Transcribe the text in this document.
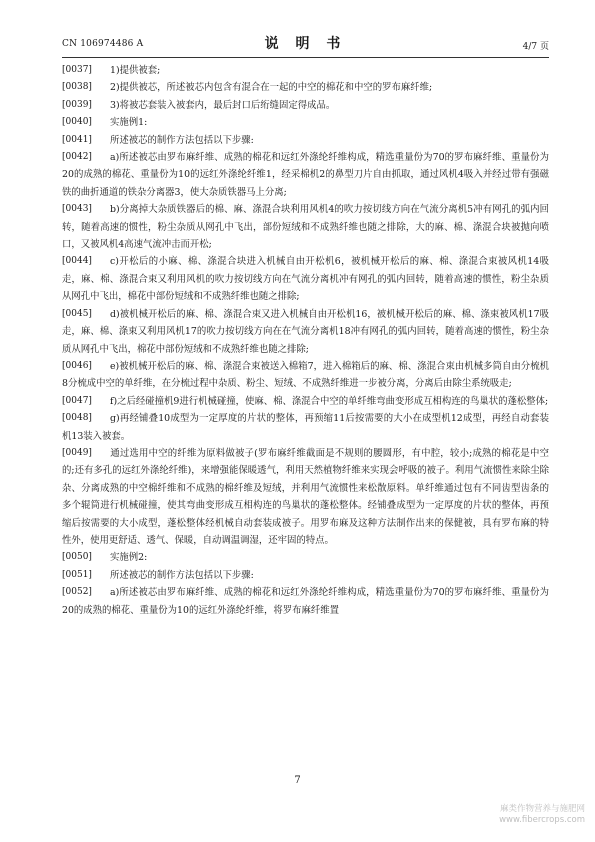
CN 106974486 A	说 明 书	4/7 页
[0037]	1)提供被套;
[0038]	2)提供被芯，所述被芯内包含有混合在一起的中空的棉花和中空的罗布麻纤维;
[0039]	3)将被芯套装入被套内，最后封口后绗缝固定得成品。
[0040]	实施例1:
[0041]	所述被芯的制作方法包括以下步骤:
[0042]	a)所述被芯由罗布麻纤维、成熟的棉花和远红外涤纶纤维构成，精选重量份为70的罗布麻纤维、重量份为20的成熟的棉花、重量份为10的远红外涤纶纤维1，经采棉机2的鼻型刀片自由抓取，通过风机4吸入并经过带有强磁铁的曲折通道的铁杂分离器3，使大杂质铁器马上分离;
[0043]	b)分离掉大杂质铁器后的棉、麻、涤混合块利用风机4的吹力按切线方向在气流分离机5冲有网孔的弧内回转，随着高速的惯性，粉尘杂质从网孔中飞出，部份短绒和不成熟纤维也随之排除，大的麻、棉、涤混合块被抛向喷口，又被风机4高速气流冲击而开松;
[0044]	c)开松后的小麻、棉、涤混合块进入机械自由开松机6，被机械开松后的麻、棉、涤混合束被风机14吸走，麻、棉、涤混合束又利用风机的吹力按切线方向在气流分离机冲有网孔的弧内回转，随着高速的惯性，粉尘杂质从网孔中飞出，棉花中部份短绒和不成熟纤维也随之排除;
[0045]	d)被机械开松后的麻、棉、涤混合束又进入机械自由开松机16，被机械开松后的麻、棉、涤束被风机17吸走，麻、棉、涤束又利用风机17的吹力按切线方向在在气流分离机18冲有网孔的弧内回转，随着高速的惯性，粉尘杂质从网孔中飞出，棉花中部份短绒和不成熟纤维也随之排除;
[0046]	e)被机械开松后的麻、棉、涤混合束被送入棉箱7，进入棉箱后的麻、棉、涤混合束由机械多筒自由分梳机8分梳成中空的单纤维，在分梳过程中杂质、粉尘、短绒、不成熟纤维进一步被分离，分离后由除尘系统吸走;
[0047]	f)之后经碰撞机9进行机械碰撞，使麻、棉、涤混合中空的单纤维弯曲变形成互相构连的鸟巢状的蓬松整体;
[0048]	g)再经铺叠10成型为一定厚度的片状的整体，再预缩11后按需要的大小在成型机12成型，再经自动套装机13装入被套。
[0049]	通过选用中空的纤维为原料做被子(罗布麻纤维截面是不规则的腰圆形，有中腔，较小;成熟的棉花是中空的;还有多孔的远红外涤纶纤维)，来增强能保暖透气，利用天然植物纤维来实现会呼吸的被子。利用气流惯性来除尘除杂、分离成熟的中空棉纤维和不成熟的棉纤维及短绒，并利用气流惯性来松散原料。单纤维通过包有不同齿型齿条的多个辊筒进行机械碰撞，使其弯曲变形成互相构连的鸟巢状的蓬松整体。经铺叠成型为一定厚度的片状的整体，再预缩后按需要的大小成型，蓬松整体经机械自动套装成被子。用罗布麻及这种方法制作出来的保健被，具有罗布麻的特性外，使用更舒适、透气、保暖，自动调温调湿，还牢固的特点。
[0050]	实施例2:
[0051]	所述被芯的制作方法包括以下步骤:
[0052]	a)所述被芯由罗布麻纤维、成熟的棉花和远红外涤纶纤维构成，精选重量份为70的罗布麻纤维、重量份为20的成熟的棉花、重量份为10的远红外涤纶纤维，将罗布麻纤维置
7
麻类作物营养与施肥网
www.fibercrops.com
